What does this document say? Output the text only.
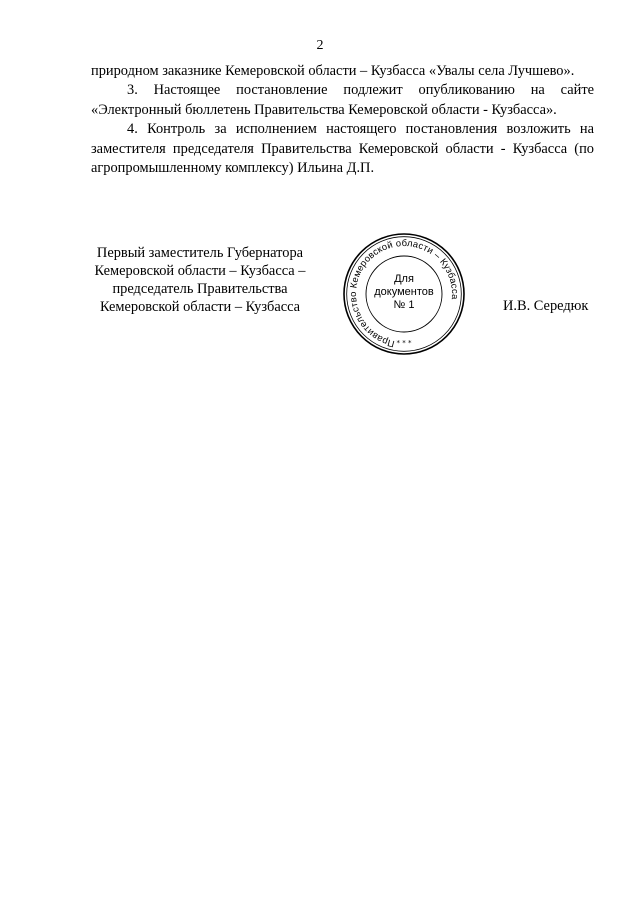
2

природном заказнике Кемеровской области – Кузбасса «Увалы села Лучшево».

3. Настоящее постановление подлежит опубликованию на сайте «Электронный бюллетень Правительства Кемеровской области - Кузбасса».

4. Контроль за исполнением настоящего постановления возложить на заместителя председателя Правительства Кемеровской области - Кузбасса (по агропромышленному комплексу) Ильина Д.П.

Первый заместитель Губернатора
Кемеровской области – Кузбасса –
председатель Правительства
Кемеровской области – Кузбасса
Правительство Кемеровской области – Кузбасса
Для
документов
№ 1
* * *
И.В. Середюк
